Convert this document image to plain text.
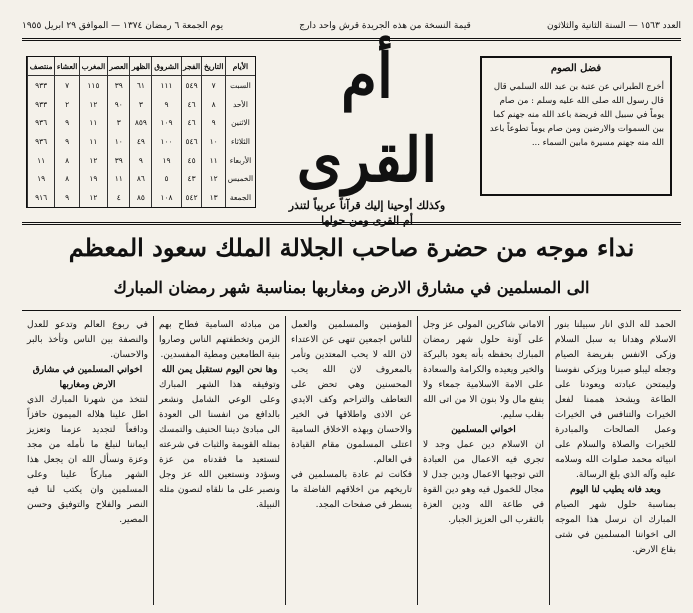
العدد ١٥٦٣ — السنة الثانية والثلاثون
قيمة النسخة من هذه الجريدة قرش واحد دارج
يوم الجمعة ٦ رمضان ١٣٧٤ — الموافق ٢٩ ابريل ١٩٥٥
الأيام	التاريخ	الفجر	الشروق	الظهر	العصر	المغرب	العشاء	منتصف
السبت	٧	٥٤٩	١١١	٦١	٣٩	١١٥	٧	٩٣٣
الأحد	٨	٤٦	٩	٣	٩٠	١٢	٢	٩٣٣
الاثنين	٩	٤٦	١٠٩	٨٥٩	٣	١١	٩	٩٣٦
الثلاثاء	١٠	٥٤٦	١٠٠	٤٩	١٠	١١	٩	٩٣٦
الأربعاء	١١	٤٥	١٩	٩	٣٩	١٢	٨	١١
الخميس	١٢	٤٣	٥	٨٦	١١	١٩	٨	١٩
الجمعة	١٣	٥٤٢	١٠٨	٨٥	٤	١٢	٩	٩١٦
أم القرى
وكذلك أوحينا إليك قرآناً عربياً لتنذر
أم القرى ومن حولها
فضل الصوم
أخرج الطبراني عن عتبة بن عبد الله السلمي قال قال رسول الله صلى الله عليه وسلم : من صام يوماً في سبيل الله فريضة باعد الله منه جهنم كما بين السموات والارضين ومن صام يوماً تطوعاً باعد الله منه جهنم مسيرة مابين السماء ...
نداء موجه من حضرة صاحب الجلالة الملك سعود المعظم
الى المسلمين في مشارق الارض ومغاربها بمناسبة شهر رمضان المبارك
الحمد لله الذي انار سبيلنا بنور الاسلام وهدانا به سبل السلام وزكى الانفس بفريضة الصيام وجعله ليبلو صبرنا ويزكي نفوسنا وليمتحن عبادته ويعودنا على الطاعة ويشحذ هممنا لفعل الخيرات والتنافس في الخيرات وعمل الصالحات والمبادرة للخيرات والصلاة والسلام على انبيائه محمد صلوات الله وسلامه عليه وآله الذي بلغ الرسالة.
وبعد فانه يطيب لنا اليوم
بمناسبة حلول شهر الصيام المبارك ان نرسل هذا الموجه الى اخواننا المسلمين في شتى بقاع الارض.
الاماني شاكرين المولى عز وجل على آونة حلول شهر رمضان المبارك بحفظه بأنه يعود بالبركة والخير ويعيده والكرامة والسعادة على الامة الاسلامية جمعاء ولا ينفع مال ولا بنون الا من اتى الله بقلب سليم.
اخواني المسلمين
ان الاسلام دين عمل وجد لا تجري فيه الاعمال من العبادة التي توجبها الاعمال ودين جدل لا مجال للخمول فيه وهو دين القوة في طاعة الله ودين العزة بالتقرب الى العزيز الجبار.
المؤمنين والمسلمين والعمل للناس اجمعين تنهى عن الاعتداء لان الله لا يحب المعتدين وتأمر بالمعروف لان الله يحب المحسنين وهي تحض على التعاطف والتراحم وكف الايدي عن الاذى واطلاقها في الخير والاحسان وبهذه الاخلاق السامية اعتلى المسلمون مقام القيادة في العالم.
فكانت ثم عادة بالمسلمين في تاريخهم من اخلاقهم الفاضلة ما يسطر في صفحات المجد.
من مبادئه السامية فطاح بهم الزمن وتخطفتهم الناس وصاروا بنية الطامعين ومطية المفسدين.
وها نحن اليوم نستقبل يمن الله
وتوفيقه هذا الشهر المبارك وعلى الوعي الشامل ونشعر بالدافع من انفسنا الى العودة الى مبادئ ديننا الحنيف والتمسك بمثله القويمة والثبات في شرعته لنستعيد ما فقدناه من عزة وسؤدد ونستعين الله عز وجل ونصبر على ما نلقاه لنصون مثله النبيلة.
في ربوع العالم وتدعو للعدل والنصفة بين الناس وتأخذ بالبر والاحسان.
اخواني المسلمين في مشارق الارض ومغاربها
لنتخذ من شهرنا المبارك الذي اطل علينا هلاله الميمون حافزاً ودافعاً لتجديد عزمنا وتعزيز ايماننا لنبلغ ما نأمله من مجد وعزة ونسأل الله ان يجعل هذا الشهر مباركاً علينا وعلى المسلمين وان يكتب لنا فيه النصر والفلاح والتوفيق وحسن المصير.
